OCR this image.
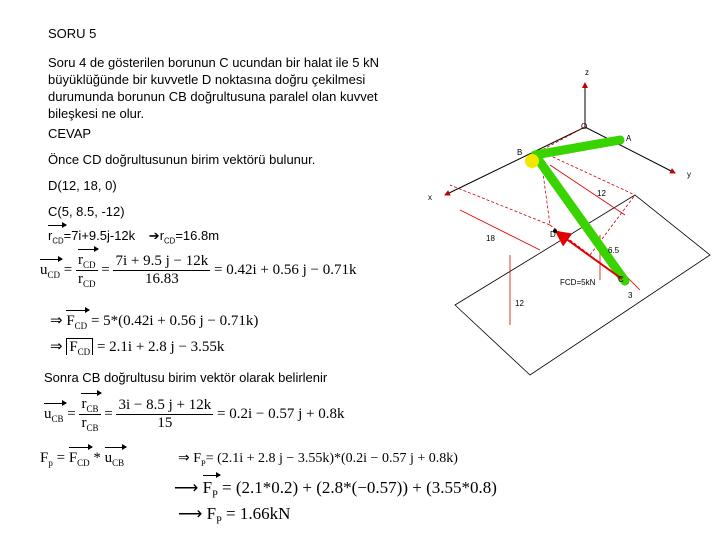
SORU 5
Soru 4 de gösterilen borunun C ucundan bir halat ile 5 kN
büyüklüğünde bir kuvvetle D noktasına doğru çekilmesi
durumunda borunun CB doğrultusuna paralel olan kuvvet
bileşkesi ne olur.
CEVAP
Önce CD doğrultusunun birim vektörü bulunur.
D(12, 18, 0)
C(5, 8.5, -12)
$r_{CD}=7i+9.5j-12k$ $➔r_{CD}=16.8m$
$u_{CD} = \frac{r_{CD}}{r_{CD}} = \frac{7i + 9.5 j - 12k}{16.83} = 0.42i + 0.56$ j − 0.71k
⇒ $F_{CD} = 5*(0.42i + 0.56$ j − 0.71k)
⇒ $F_{CD} = 2.1i + 2.8$ j − 3.55k
Sonra CB doğrultusu birim vektör olarak belirlenir
$u_{CB} = \frac{r_{CB}}{r_{CB}} = \frac{3i - 8.5 j + 12k}{15} = 0.2i - 0.57$ j + 0.8k
$F_p = F_{CD} * u_{CB}$	⇒ $F_P= (2.1i + 2.8$ j − 3.55k)*(0.2i − 0.57 j + 0.8k)
⟶ $F_P = (2.1*0.2) + (2.8*(-0.57)) + (3.55*0.8)$
⟶ $F_P = 1.66kN$
z
y
x
O
A
B
C
D
12
18
12
6.5
3
FCD=5kN
